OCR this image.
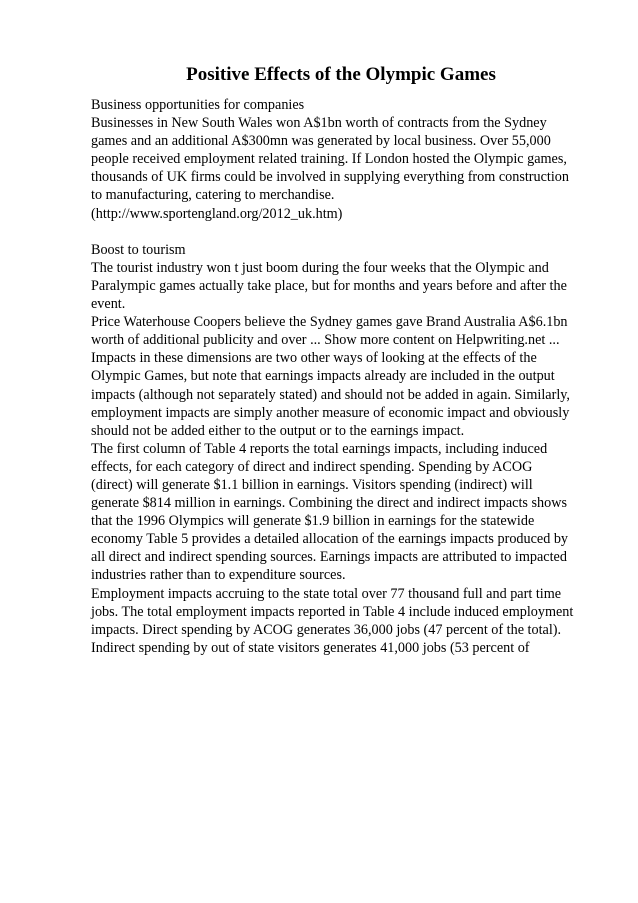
Positive Effects of the Olympic Games

Business opportunities for companies

Businesses in New South Wales won A$1bn worth of contracts from the Sydney

games and an additional A$300mn was generated by local business. Over 55,000

people received employment related training. If London hosted the Olympic games,

thousands of UK firms could be involved in supplying everything from construction

to manufacturing, catering to merchandise.

(http://www.sportengland.org/2012_uk.htm)

Boost to tourism

The tourist industry won t just boom during the four weeks that the Olympic and

Paralympic games actually take place, but for months and years before and after the

event.

Price Waterhouse Coopers believe the Sydney games gave Brand Australia A$6.1bn

worth of additional publicity and over ... Show more content on Helpwriting.net ...

Impacts in these dimensions are two other ways of looking at the effects of the

Olympic Games, but note that earnings impacts already are included in the output

impacts (although not separately stated) and should not be added in again. Similarly,

employment impacts are simply another measure of economic impact and obviously

should not be added either to the output or to the earnings impact.

The first column of Table 4 reports the total earnings impacts, including induced

effects, for each category of direct and indirect spending. Spending by ACOG

(direct) will generate $1.1 billion in earnings. Visitors spending (indirect) will

generate $814 million in earnings. Combining the direct and indirect impacts shows

that the 1996 Olympics will generate $1.9 billion in earnings for the statewide

economy Table 5 provides a detailed allocation of the earnings impacts produced by

all direct and indirect spending sources. Earnings impacts are attributed to impacted

industries rather than to expenditure sources.

Employment impacts accruing to the state total over 77 thousand full and part time

jobs. The total employment impacts reported in Table 4 include induced employment

impacts. Direct spending by ACOG generates 36,000 jobs (47 percent of the total).

Indirect spending by out of state visitors generates 41,000 jobs (53 percent of
